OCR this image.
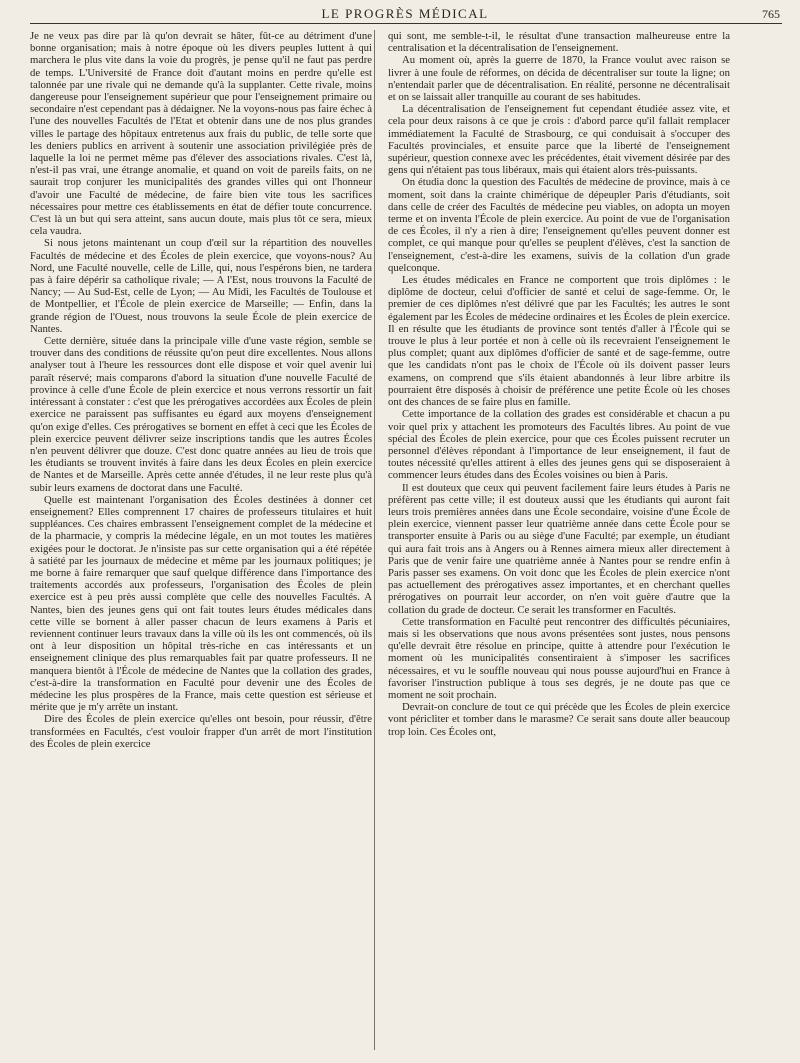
LE PROGRÈS MÉDICAL	765

Je ne veux pas dire par là qu'on devrait se hâter, fût-ce au détriment d'une bonne organisation; mais à notre époque où les divers peuples luttent à qui marchera le plus vite dans la voie du progrès, je pense qu'il ne faut pas perdre de temps. L'Université de France doit d'autant moins en perdre qu'elle est talonnée par une rivale qui ne demande qu'à la supplanter. Cette rivale, moins dangereuse pour l'enseignement supérieur que pour l'enseignement primaire ou secondaire n'est cependant pas à dédaigner. Ne la voyons-nous pas faire échec à l'une des nouvelles Facultés de l'Etat et obtenir dans une de nos plus grandes villes le partage des hôpitaux entretenus aux frais du public, de telle sorte que les deniers publics en arrivent à soutenir une association privilégiée près de laquelle la loi ne permet même pas d'élever des associations rivales. C'est là, n'est-il pas vrai, une étrange anomalie, et quand on voit de pareils faits, on ne saurait trop conjurer les municipalités des grandes villes qui ont l'honneur d'avoir une Faculté de médecine, de faire bien vite tous les sacrifices nécessaires pour mettre ces établissements en état de défier toute concurrence. C'est là un but qui sera atteint, sans aucun doute, mais plus tôt ce sera, mieux cela vaudra.

Si nous jetons maintenant un coup d'œil sur la répartition des nouvelles Facultés de médecine et des Écoles de plein exercice, que voyons-nous? Au Nord, une Faculté nouvelle, celle de Lille, qui, nous l'espérons bien, ne tardera pas à faire dépérir sa catholique rivale; — A l'Est, nous trouvons la Faculté de Nancy; — Au Sud-Est, celle de Lyon; — Au Midi, les Facultés de Toulouse et de Montpellier, et l'École de plein exercice de Marseille; — Enfin, dans la grande région de l'Ouest, nous trouvons la seule École de plein exercice de Nantes.

Cette dernière, située dans la principale ville d'une vaste région, semble se trouver dans des conditions de réussite qu'on peut dire excellentes. Nous allons analyser tout à l'heure les ressources dont elle dispose et voir quel avenir lui paraît réservé; mais comparons d'abord la situation d'une nouvelle Faculté de province à celle d'une École de plein exercice et nous verrons ressortir un fait intéressant à constater : c'est que les prérogatives accordées aux Écoles de plein exercice ne paraissent pas suffisantes eu égard aux moyens d'enseignement qu'on exige d'elles. Ces prérogatives se bornent en effet à ceci que les Écoles de plein exercice peuvent délivrer seize inscriptions tandis que les autres Écoles n'en peuvent délivrer que douze. C'est donc quatre années au lieu de trois que les étudiants se trouvent invités à faire dans les deux Écoles en plein exercice de Nantes et de Marseille. Après cette année d'études, il ne leur reste plus qu'à subir leurs examens de doctorat dans une Faculté.

Quelle est maintenant l'organisation des Écoles destinées à donner cet enseignement? Elles comprennent 17 chaires de professeurs titulaires et huit suppléances. Ces chaires embrassent l'enseignement complet de la médecine et de la pharmacie, y compris la médecine légale, en un mot toutes les matières exigées pour le doctorat. Je n'insiste pas sur cette organisation qui a été répétée à satiété par les journaux de médecine et même par les journaux politiques; je me borne à faire remarquer que sauf quelque différence dans l'importance des traitements accordés aux professeurs, l'organisation des Écoles de plein exercice est à peu près aussi complète que celle des nouvelles Facultés. A Nantes, bien des jeunes gens qui ont fait toutes leurs études médicales dans cette ville se bornent à aller passer chacun de leurs examens à Paris et reviennent continuer leurs travaux dans la ville où ils les ont commencés, où ils ont à leur disposition un hôpital très-riche en cas intéressants et un enseignement clinique des plus remarquables fait par quatre professeurs. Il ne manquera bientôt à l'École de médecine de Nantes que la collation des grades, c'est-à-dire la transformation en Faculté pour devenir une des Écoles de médecine les plus prospères de la France, mais cette question est sérieuse et mérite que je m'y arrête un instant.

Dire des Écoles de plein exercice qu'elles ont besoin, pour réussir, d'être transformées en Facultés, c'est vouloir frapper d'un arrêt de mort l'institution des Écoles de plein exercice

qui sont, me semble-t-il, le résultat d'une transaction malheureuse entre la centralisation et la décentralisation de l'enseignement.

Au moment où, après la guerre de 1870, la France voulut avec raison se livrer à une foule de réformes, on décida de décentraliser sur toute la ligne; on n'entendait parler que de décentralisation. En réalité, personne ne décentralisait et on se laissait aller tranquille au courant de ses habitudes.

La décentralisation de l'enseignement fut cependant étudiée assez vite, et cela pour deux raisons à ce que je crois : d'abord parce qu'il fallait remplacer immédiatement la Faculté de Strasbourg, ce qui conduisait à s'occuper des Facultés provinciales, et ensuite parce que la liberté de l'enseignement supérieur, question connexe avec les précédentes, était vivement désirée par des gens qui n'étaient pas tous libéraux, mais qui étaient alors très-puissants.

On étudia donc la question des Facultés de médecine de province, mais à ce moment, soit dans la crainte chimérique de dépeupler Paris d'étudiants, soit dans celle de créer des Facultés de médecine peu viables, on adopta un moyen terme et on inventa l'École de plein exercice. Au point de vue de l'organisation de ces Écoles, il n'y a rien à dire; l'enseignement qu'elles peuvent donner est complet, ce qui manque pour qu'elles se peuplent d'élèves, c'est la sanction de l'enseignement, c'est-à-dire les examens, suivis de la collation d'un grade quelconque.

Les études médicales en France ne comportent que trois diplômes : le diplôme de docteur, celui d'officier de santé et celui de sage-femme. Or, le premier de ces diplômes n'est délivré que par les Facultés; les autres le sont également par les Écoles de médecine ordinaires et les Écoles de plein exercice. Il en résulte que les étudiants de province sont tentés d'aller à l'École qui se trouve le plus à leur portée et non à celle où ils recevraient l'enseignement le plus complet; quant aux diplômes d'officier de santé et de sage-femme, outre que les candidats n'ont pas le choix de l'École où ils doivent passer leurs examens, on comprend que s'ils étaient abandonnés à leur libre arbitre ils pourraient être disposés à choisir de préférence une petite École où les choses ont des chances de se faire plus en famille.

Cette importance de la collation des grades est considérable et chacun a pu voir quel prix y attachent les promoteurs des Facultés libres. Au point de vue spécial des Écoles de plein exercice, pour que ces Écoles puissent recruter un personnel d'élèves répondant à l'importance de leur enseignement, il faut de toutes nécessité qu'elles attirent à elles des jeunes gens qui se disposeraient à commencer leurs études dans des Écoles voisines ou bien à Paris.

Il est douteux que ceux qui peuvent facilement faire leurs études à Paris ne préfèrent pas cette ville; il est douteux aussi que les étudiants qui auront fait leurs trois premières années dans une École secondaire, voisine d'une École de plein exercice, viennent passer leur quatrième année dans cette École pour se transporter ensuite à Paris ou au siège d'une Faculté; par exemple, un étudiant qui aura fait trois ans à Angers ou à Rennes aimera mieux aller directement à Paris que de venir faire une quatrième année à Nantes pour se rendre enfin à Paris passer ses examens. On voit donc que les Écoles de plein exercice n'ont pas actuellement des prérogatives assez importantes, et en cherchant quelles prérogatives on pourrait leur accorder, on n'en voit guère d'autre que la collation du grade de docteur. Ce serait les transformer en Facultés.

Cette transformation en Faculté peut rencontrer des difficultés pécuniaires, mais si les observations que nous avons présentées sont justes, nous pensons qu'elle devrait être résolue en principe, quitte à attendre pour l'exécution le moment où les municipalités consentiraient à s'imposer les sacrifices nécessaires, et vu le souffle nouveau qui nous pousse aujourd'hui en France à favoriser l'instruction publique à tous ses degrés, je ne doute pas que ce moment ne soit prochain.

Devrait-on conclure de tout ce qui précède que les Écoles de plein exercice vont péricliter et tomber dans le marasme? Ce serait sans doute aller beaucoup trop loin. Ces Écoles ont,
